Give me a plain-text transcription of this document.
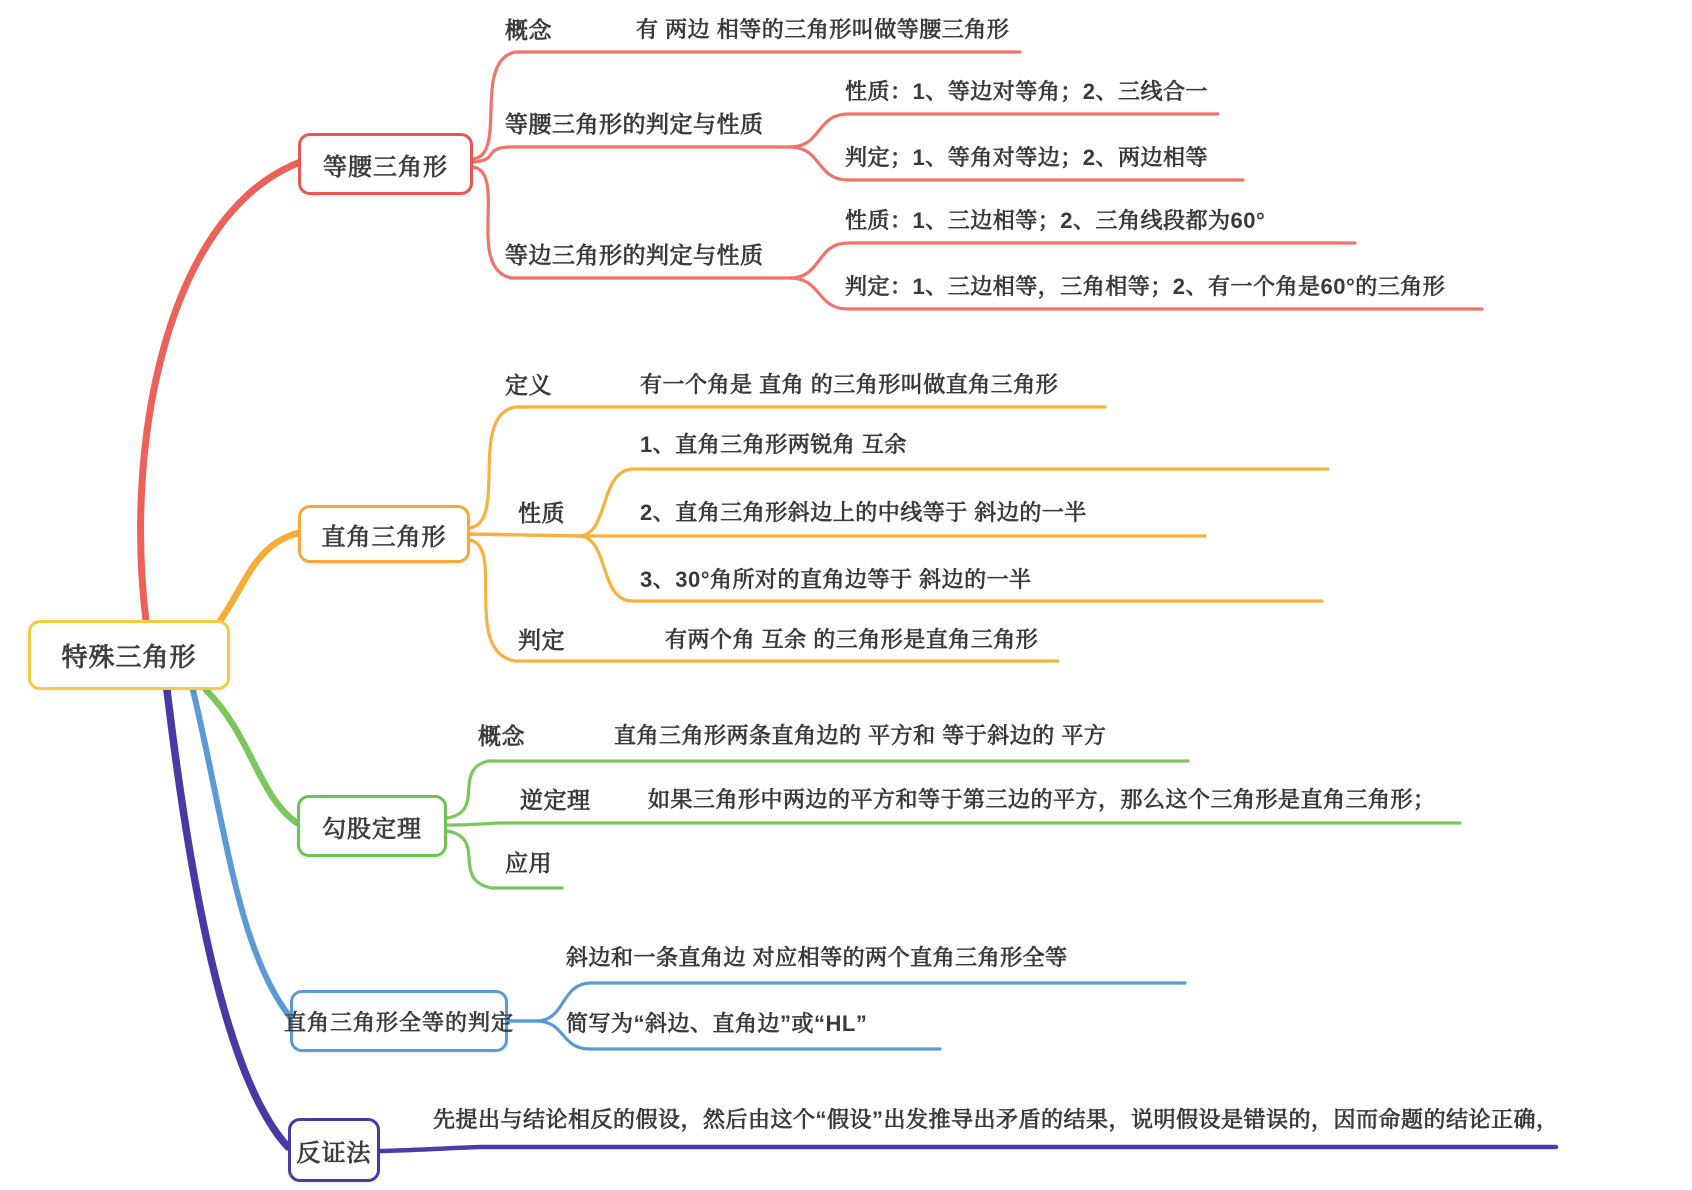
特殊三角形
等腰三角形
直角三角形
勾股定理
直角三角形全等的判定
反证法
概念	有 两边 相等的三角形叫做等腰三角形
等腰三角形的判定与性质
性质：1、等边对等角；2、三线合一
判定；1、等角对等边；2、两边相等
等边三角形的判定与性质
性质：1、三边相等；2、三角线段都为60°
判定：1、三边相等，三角相等；2、有一个角是60°的三角形
定义	有一个角是 直角 的三角形叫做直角三角形
性质
1、直角三角形两锐角 互余
2、直角三角形斜边上的中线等于 斜边的一半
3、30°角所对的直角边等于 斜边的一半
判定	有两个角 互余 的三角形是直角三角形
概念	直角三角形两条直角边的 平方和 等于斜边的 平方
逆定理	如果三角形中两边的平方和等于第三边的平方，那么这个三角形是直角三角形；
应用
斜边和一条直角边 对应相等的两个直角三角形全等
简写为“斜边、直角边”或“HL”
先提出与结论相反的假设，然后由这个“假设”出发推导出矛盾的结果，说明假设是错误的，因而命题的结论正确，
